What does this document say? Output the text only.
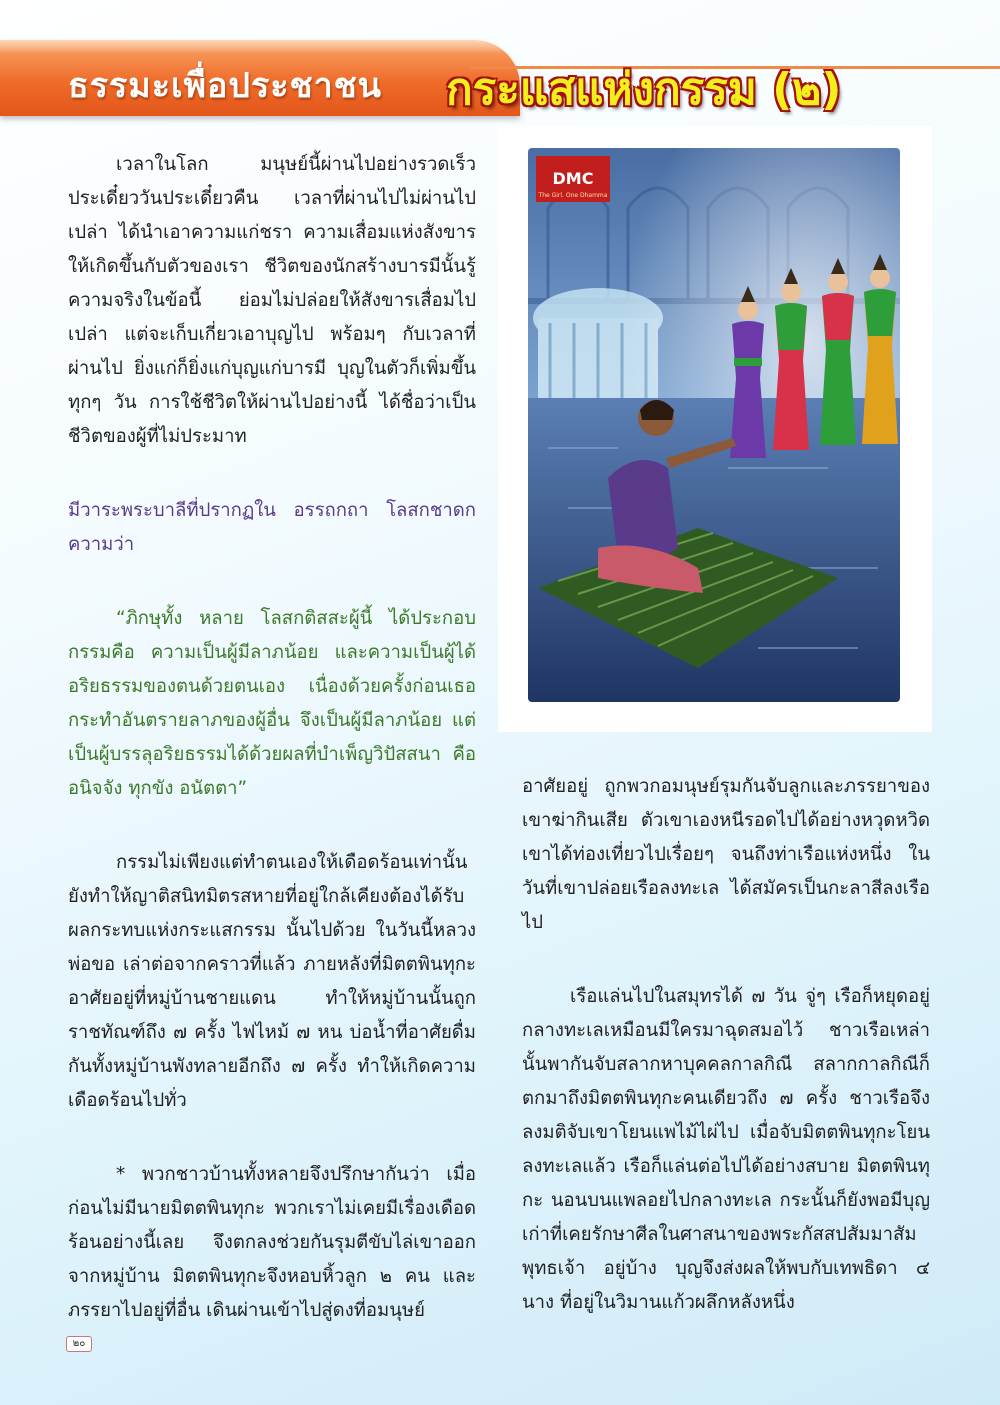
ธรรมะเพื่อประชาชน กระแสแห่งกรรม (๒)

เวลาในโลก มนุษย์นี้ผ่านไปอย่างรวดเร็ว ประเดี๋ยววันประเดี๋ยวคืน เวลาที่ผ่านไปไม่ผ่านไปเปล่า ได้นำเอาความแก่ชรา ความเสื่อมแห่งสังขารให้เกิดขึ้นกับตัวของเรา ชีวิตของนักสร้างบารมีนั้นรู้ความจริงในข้อนี้ ย่อมไม่ปล่อยให้สังขารเสื่อมไปเปล่า แต่จะเก็บเกี่ยวเอาบุญไป พร้อมๆ กับเวลาที่ผ่านไป ยิ่งแก่ก็ยิ่งแก่บุญแก่บารมี บุญในตัวก็เพิ่มขึ้นทุกๆ วัน การใช้ชีวิตให้ผ่านไปอย่างนี้ ได้ชื่อว่าเป็นชีวิตของผู้ที่ไม่ประมาท

มีวาระพระบาลีที่ปรากฏใน อรรถกถา โลสกชาดก ความว่า

“ภิกษุทั้ง หลาย โลสกติสสะผู้นี้ ได้ประกอบกรรมคือ ความเป็นผู้มีลาภน้อย และความเป็นผู้ได้อริยธรรมของตนด้วยตนเอง เนื่องด้วยครั้งก่อนเธอกระทำอันตรายลาภของผู้อื่น จึงเป็นผู้มีลาภน้อย แต่เป็นผู้บรรลุอริยธรรมได้ด้วยผลที่บำเพ็ญวิปัสสนา คือ อนิจจัง ทุกขัง อนัตตา”

กรรมไม่เพียงแต่ทำตนเองให้เดือดร้อนเท่านั้น ยังทำให้ญาติสนิทมิตรสหายที่อยู่ใกล้เคียงต้องได้รับผลกระทบแห่งกระแสกรรม นั้นไปด้วย ในวันนี้หลวงพ่อขอ เล่าต่อจากคราวที่แล้ว ภายหลังที่มิตตพินทุกะอาศัยอยู่ที่หมู่บ้านชายแดน ทำให้หมู่บ้านนั้นถูกราชทัณฑ์ถึง ๗ ครั้ง ไฟไหม้ ๗ หน บ่อน้ำที่อาศัยดื่มกันทั้งหมู่บ้านพังทลายอีกถึง ๗ ครั้ง ทำให้เกิดความเดือดร้อนไปทั่ว

* พวกชาวบ้านทั้งหลายจึงปรึกษากันว่า เมื่อก่อนไม่มีนายมิตตพินทุกะ พวกเราไม่เคยมีเรื่องเดือดร้อนอย่างนี้เลย จึงตกลงช่วยกันรุมตีขับไล่เขาออกจากหมู่บ้าน มิตตพินทุกะจึงหอบหิ้วลูก ๒ คน และภรรยาไปอยู่ที่อื่น เดินผ่านเข้าไปสู่ดงที่อมนุษย์

DMC
The Girl. One Dhamma

อาศัยอยู่ ถูกพวกอมนุษย์รุมกันจับลูกและภรรยาของเขาฆ่ากินเสีย ตัวเขาเองหนีรอดไปได้อย่างหวุดหวิด เขาได้ท่องเที่ยวไปเรื่อยๆ จนถึงท่าเรือแห่งหนึ่ง ในวันที่เขาปล่อยเรือลงทะเล ได้สมัครเป็นกะลาสีลงเรือไป

เรือแล่นไปในสมุทรได้ ๗ วัน จู่ๆ เรือก็หยุดอยู่กลางทะเลเหมือนมีใครมาฉุดสมอไว้ ชาวเรือเหล่านั้นพากันจับสลากหาบุคคลกาลกิณี สลากกาลกิณีก็ตกมาถึงมิตตพินทุกะคนเดียวถึง ๗ ครั้ง ชาวเรือจึงลงมติจับเขาโยนแพไม้ไผ่ไป เมื่อจับมิตตพินทุกะโยนลงทะเลแล้ว เรือก็แล่นต่อไปได้อย่างสบาย มิตตพินทุกะ นอนบนแพลอยไปกลางทะเล กระนั้นก็ยังพอมีบุญเก่าที่เคยรักษาศีลในศาสนาของพระกัสสปสัมมาสัมพุทธเจ้า อยู่บ้าง บุญจึงส่งผลให้พบกับเทพธิดา ๔ นาง ที่อยู่ในวิมานแก้วผลึกหลังหนึ่ง

๒๐
